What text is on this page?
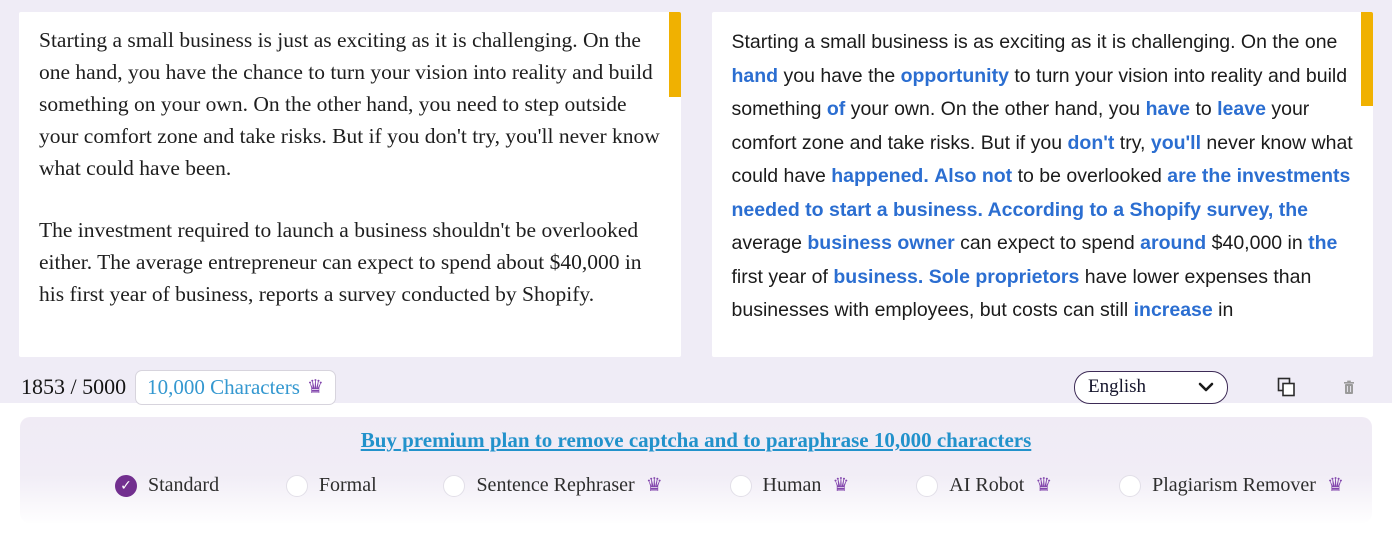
Starting a small business is just as exciting as it is challenging. On the one hand, you have the chance to turn your vision into reality and build something on your own. On the other hand, you need to step outside your comfort zone and take risks. But if you don't try, you'll never know what could have been.

The investment required to launch a business shouldn't be overlooked either. The average entrepreneur can expect to spend about $40,000 in his first year of business, reports a survey conducted by Shopify.

Starting a small business is as exciting as it is challenging. On the one hand you have the opportunity to turn your vision into reality and build something of your own. On the other hand, you have to leave your comfort zone and take risks. But if you don't try, you'll never know what could have happened. Also not to be overlooked are the investments needed to start a business. According to a Shopify survey, the average business owner can expect to spend around $40,000 in the first year of business. Sole proprietors have lower expenses than businesses with employees, but costs can still increase in
1853 / 5000 10,000 Characters ♛	English
Buy premium plan to remove captcha and to paraphrase 10,000 characters
✓ Standard	Formal	Sentence Rephraser ♛	Human ♛	AI Robot ♛	Plagiarism Remover ♛
